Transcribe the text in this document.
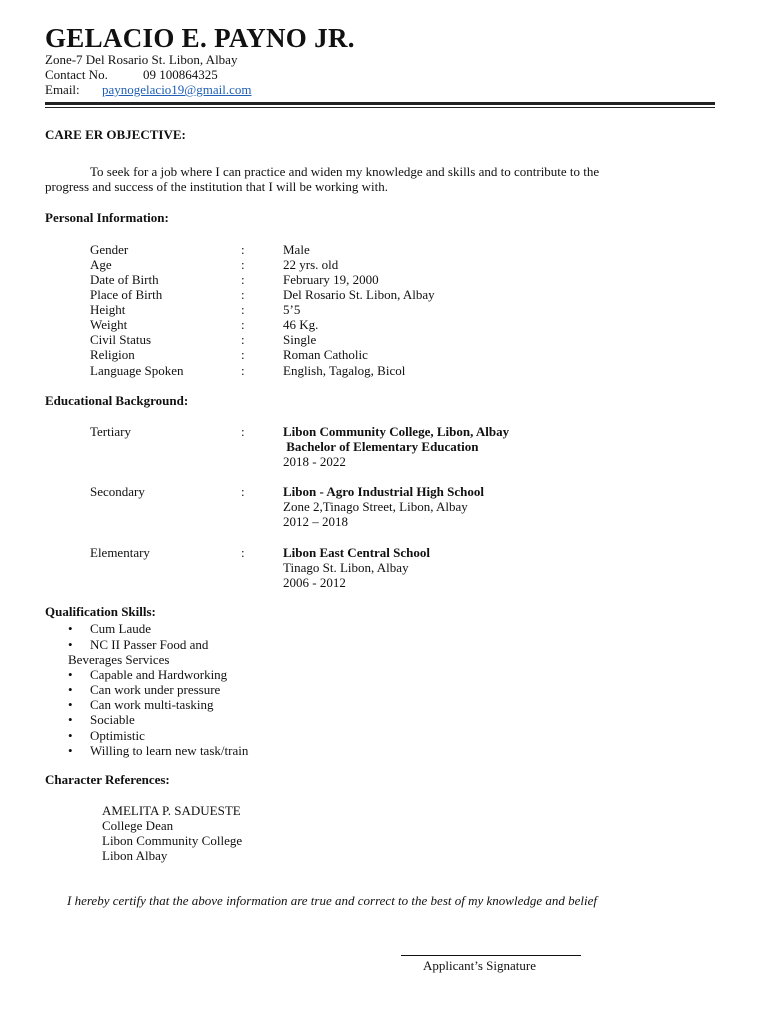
GELACIO E. PAYNO JR.
Zone-7 Del Rosario St. Libon, Albay
Contact No.	09 100864325
Email: paynogelacio19@gmail.com
CARE ER OBJECTIVE:
To seek for a job where I can practice and widen my knowledge and skills and to contribute to the
progress and success of the institution that I will be working with.
Personal Information:
Gender	:	Male
Age	:	22 yrs. old
Date of Birth	:	February 19, 2000
Place of Birth	:	Del Rosario St. Libon, Albay
Height	:	5’5
Weight	:	46 Kg.
Civil Status	:	Single
Religion	:	Roman Catholic
Language Spoken	:	English, Tagalog, Bicol
Educational Background:
Tertiary	:	Libon Community College, Libon, Albay
Bachelor of Elementary Education
2018 - 2022
Secondary	:	Libon - Agro Industrial High School
Zone 2,Tinago Street, Libon, Albay
2012 – 2018
Elementary	:	Libon East Central School
Tinago St. Libon, Albay
2006 - 2012
Qualification Skills:
• Cum Laude
• NC II Passer Food and
Beverages Services
• Capable and Hardworking
• Can work under pressure
• Can work multi-tasking
• Sociable
• Optimistic
• Willing to learn new task/train
Character References:
AMELITA P. SADUESTE
College Dean
Libon Community College
Libon Albay
I hereby certify that the above information are true and correct to the best of my knowledge and belief
Applicant’s Signature
